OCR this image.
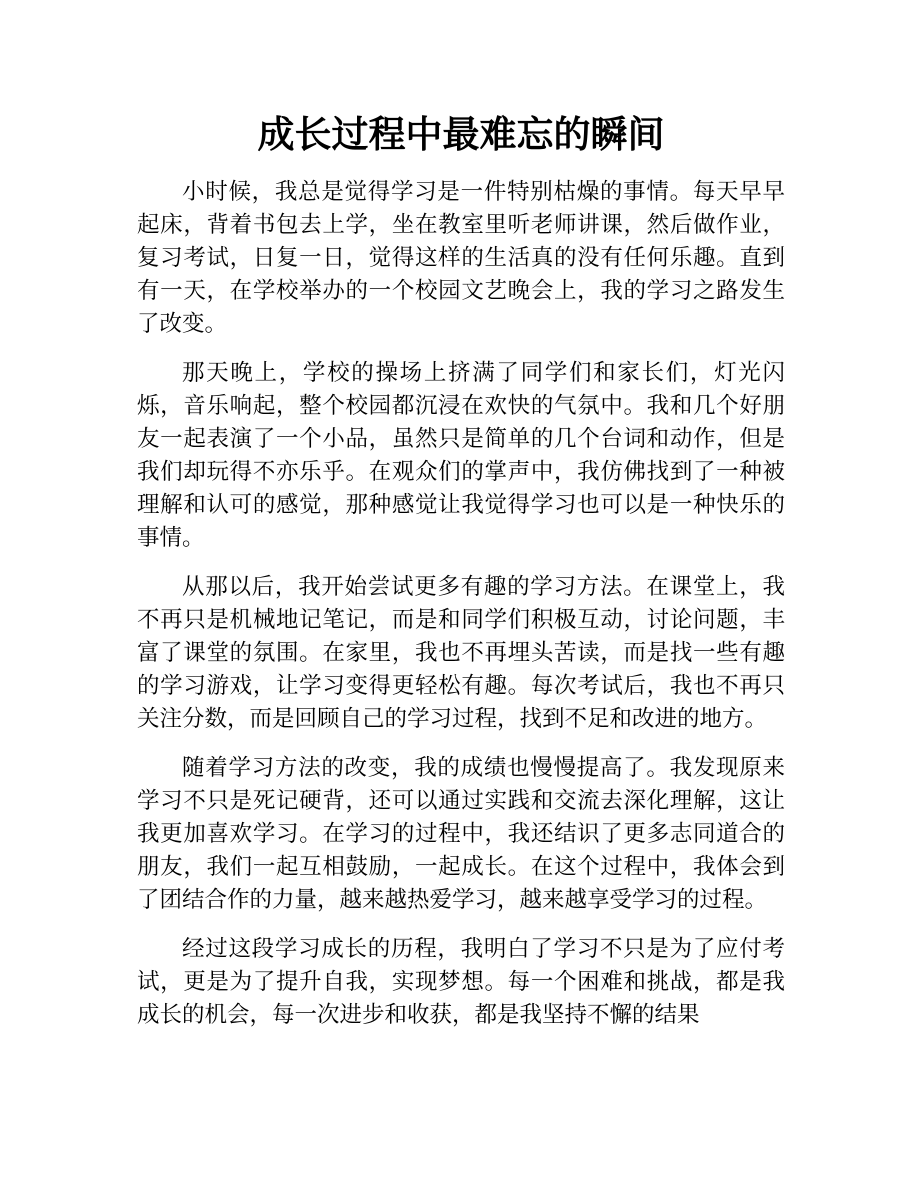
成长过程中最难忘的瞬间

小时候，我总是觉得学习是一件特别枯燥的事情。每天早早起床，背着书包去上学，坐在教室里听老师讲课，然后做作业，复习考试，日复一日，觉得这样的生活真的没有任何乐趣。直到有一天，在学校举办的一个校园文艺晚会上，我的学习之路发生了改变。

那天晚上，学校的操场上挤满了同学们和家长们，灯光闪烁，音乐响起，整个校园都沉浸在欢快的气氛中。我和几个好朋友一起表演了一个小品，虽然只是简单的几个台词和动作，但是我们却玩得不亦乐乎。在观众们的掌声中，我仿佛找到了一种被理解和认可的感觉，那种感觉让我觉得学习也可以是一种快乐的事情。

从那以后，我开始尝试更多有趣的学习方法。在课堂上，我不再只是机械地记笔记，而是和同学们积极互动，讨论问题，丰富了课堂的氛围。在家里，我也不再埋头苦读，而是找一些有趣的学习游戏，让学习变得更轻松有趣。每次考试后，我也不再只关注分数，而是回顾自己的学习过程，找到不足和改进的地方。

随着学习方法的改变，我的成绩也慢慢提高了。我发现原来学习不只是死记硬背，还可以通过实践和交流去深化理解，这让我更加喜欢学习。在学习的过程中，我还结识了更多志同道合的朋友，我们一起互相鼓励，一起成长。在这个过程中，我体会到了团结合作的力量，越来越热爱学习，越来越享受学习的过程。

经过这段学习成长的历程，我明白了学习不只是为了应付考试，更是为了提升自我，实现梦想。每一个困难和挑战，都是我成长的机会，每一次进步和收获，都是我坚持不懈的结果
